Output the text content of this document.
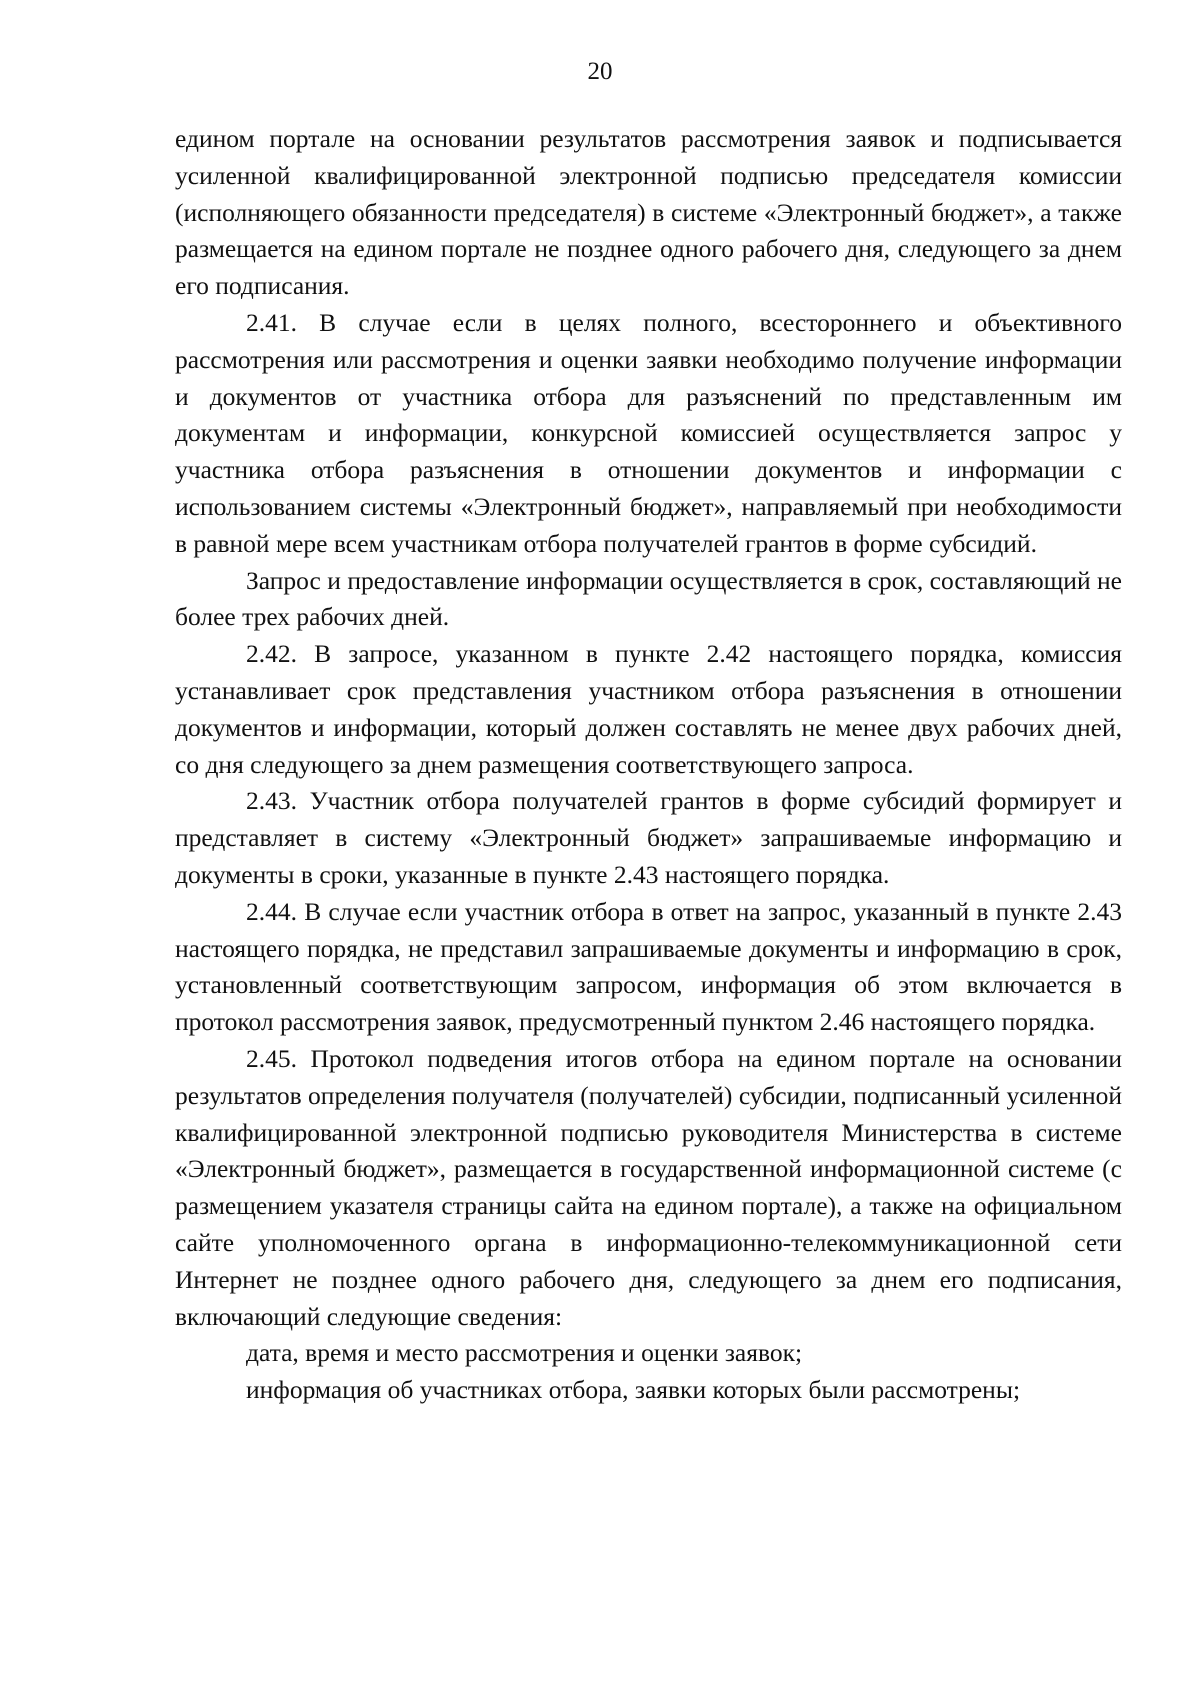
20

едином портале на основании результатов рассмотрения заявок и подписывается усиленной квалифицированной электронной подписью председателя комиссии (исполняющего обязанности председателя) в системе «Электронный бюджет», а также размещается на едином портале не позднее одного рабочего дня, следующего за днем его подписания.

2.41. В случае если в целях полного, всестороннего и объективного рассмотрения или рассмотрения и оценки заявки необходимо получение информации и документов от участника отбора для разъяснений по представленным им документам и информации, конкурсной комиссией осуществляется запрос у участника отбора разъяснения в отношении документов и информации с использованием системы «Электронный бюджет», направляемый при необходимости в равной мере всем участникам отбора получателей грантов в форме субсидий.

Запрос и предоставление информации осуществляется в срок, составляющий не более трех рабочих дней.

2.42. В запросе, указанном в пункте 2.42 настоящего порядка, комиссия устанавливает срок представления участником отбора разъяснения в отношении документов и информации, который должен составлять не менее двух рабочих дней, со дня следующего за днем размещения соответствующего запроса.

2.43. Участник отбора получателей грантов в форме субсидий формирует и представляет в систему «Электронный бюджет» запрашиваемые информацию и документы в сроки, указанные в пункте 2.43 настоящего порядка.

2.44. В случае если участник отбора в ответ на запрос, указанный в пункте 2.43 настоящего порядка, не представил запрашиваемые документы и информацию в срок, установленный соответствующим запросом, информация об этом включается в протокол рассмотрения заявок, предусмотренный пунктом 2.46 настоящего порядка.

2.45. Протокол подведения итогов отбора на едином портале на основании результатов определения получателя (получателей) субсидии, подписанный усиленной квалифицированной электронной подписью руководителя Министерства в системе «Электронный бюджет», размещается в государственной информационной системе (с размещением указателя страницы сайта на едином портале), а также на официальном сайте уполномоченного органа в информационно-телекоммуникационной сети Интернет не позднее одного рабочего дня, следующего за днем его подписания, включающий следующие сведения:

дата, время и место рассмотрения и оценки заявок;

информация об участниках отбора, заявки которых были рассмотрены;
